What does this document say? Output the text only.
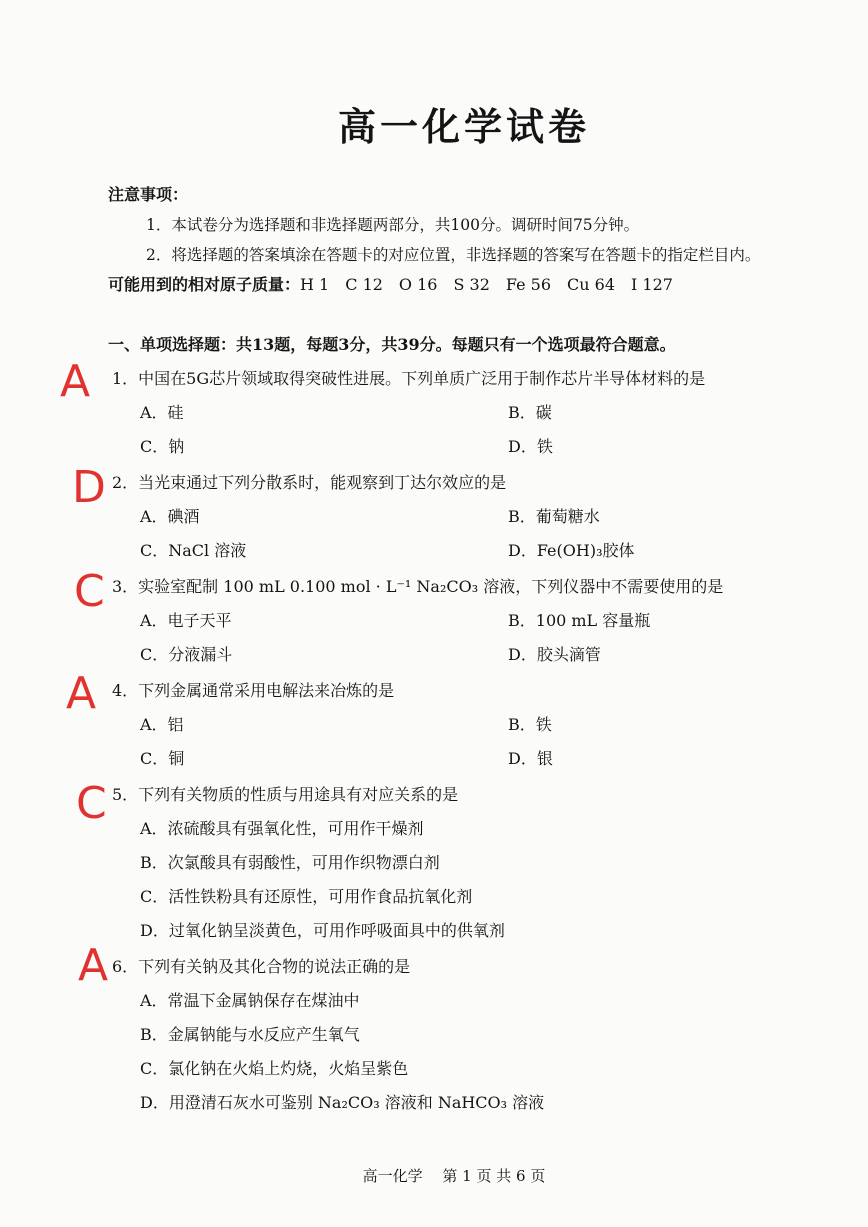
高一化学试卷
注意事项：
1．本试卷分为选择题和非选择题两部分，共100分。调研时间75分钟。
2．将选择题的答案填涂在答题卡的对应位置，非选择题的答案写在答题卡的指定栏目内。
可能用到的相对原子质量：H 1　C 12　O 16　S 32　Fe 56　Cu 64　I 127
一、单项选择题：共13题，每题3分，共39分。每题只有一个选项最符合题意。
A 1．中国在5G芯片领域取得突破性进展。下列单质广泛用于制作芯片半导体材料的是
A．硅	B．碳
C．钠	D．铁
D 2．当光束通过下列分散系时，能观察到丁达尔效应的是
A．碘酒	B．葡萄糖水
C．NaCl 溶液	D．Fe(OH)₃胶体
C 3．实验室配制 100 mL 0.100 mol · L⁻¹ Na₂CO₃ 溶液，下列仪器中不需要使用的是
A．电子天平	B．100 mL 容量瓶
C．分液漏斗	D．胶头滴管
A 4．下列金属通常采用电解法来冶炼的是
A．铝	B．铁
C．铜	D．银
C 5．下列有关物质的性质与用途具有对应关系的是
A．浓硫酸具有强氧化性，可用作干燥剂
B．次氯酸具有弱酸性，可用作织物漂白剂
C．活性铁粉具有还原性，可用作食品抗氧化剂
D．过氧化钠呈淡黄色，可用作呼吸面具中的供氧剂
A 6．下列有关钠及其化合物的说法正确的是
A．常温下金属钠保存在煤油中
B．金属钠能与水反应产生氧气
C．氯化钠在火焰上灼烧，火焰呈紫色
D．用澄清石灰水可鉴别 Na₂CO₃ 溶液和 NaHCO₃ 溶液
高一化学　 第 1 页 共 6 页
